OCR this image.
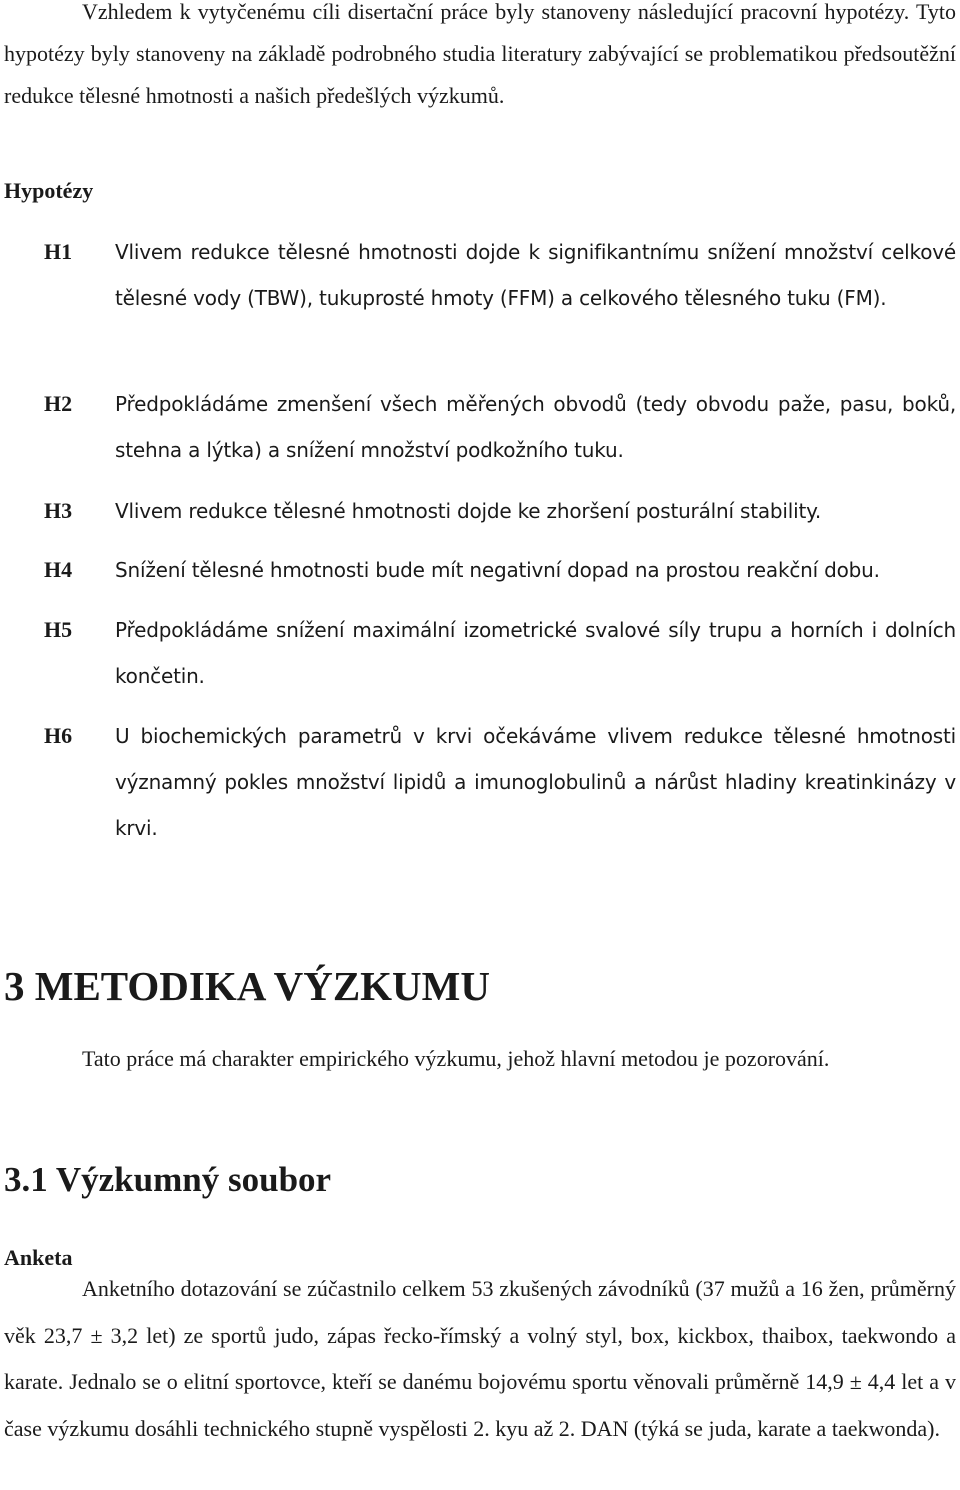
Vzhledem k vytyčenému cíli disertační práce byly stanoveny následující pracovní hypotézy. Tyto hypotézy byly stanoveny na základě podrobného studia literatury zabývající se problematikou předsoutěžní redukce tělesné hmotnosti a našich předešlých výzkumů.

Hypotézy
H1 Vlivem redukce tělesné hmotnosti dojde k signifikantnímu snížení množství celkové tělesné vody (TBW), tukuprosté hmoty (FFM) a celkového tělesného tuku (FM).
H2 Předpokládáme zmenšení všech měřených obvodů (tedy obvodu paže, pasu, boků, stehna a lýtka) a snížení množství podkožního tuku.
H3 Vlivem redukce tělesné hmotnosti dojde ke zhoršení posturální stability.
H4 Snížení tělesné hmotnosti bude mít negativní dopad na prostou reakční dobu.
H5 Předpokládáme snížení maximální izometrické svalové síly trupu a horních i dolních končetin.
H6 U biochemických parametrů v krvi očekáváme vlivem redukce tělesné hmotnosti významný pokles množství lipidů a imunoglobulinů a nárůst hladiny kreatinkinázy v krvi.
3 METODIKA VÝZKUMU

Tato práce má charakter empirického výzkumu, jehož hlavní metodou je pozorování.

3.1 Výzkumný soubor
Anketa

Anketního dotazování se zúčastnilo celkem 53 zkušených závodníků (37 mužů a 16 žen, průměrný věk 23,7 ± 3,2 let) ze sportů judo, zápas řecko-římský a volný styl, box, kickbox, thaibox, taekwondo a karate. Jednalo se o elitní sportovce, kteří se danému bojovému sportu věnovali průměrně 14,9 ± 4,4 let a v čase výzkumu dosáhli technického stupně vyspělosti 2. kyu až 2. DAN (týká se juda, karate a taekwonda).
